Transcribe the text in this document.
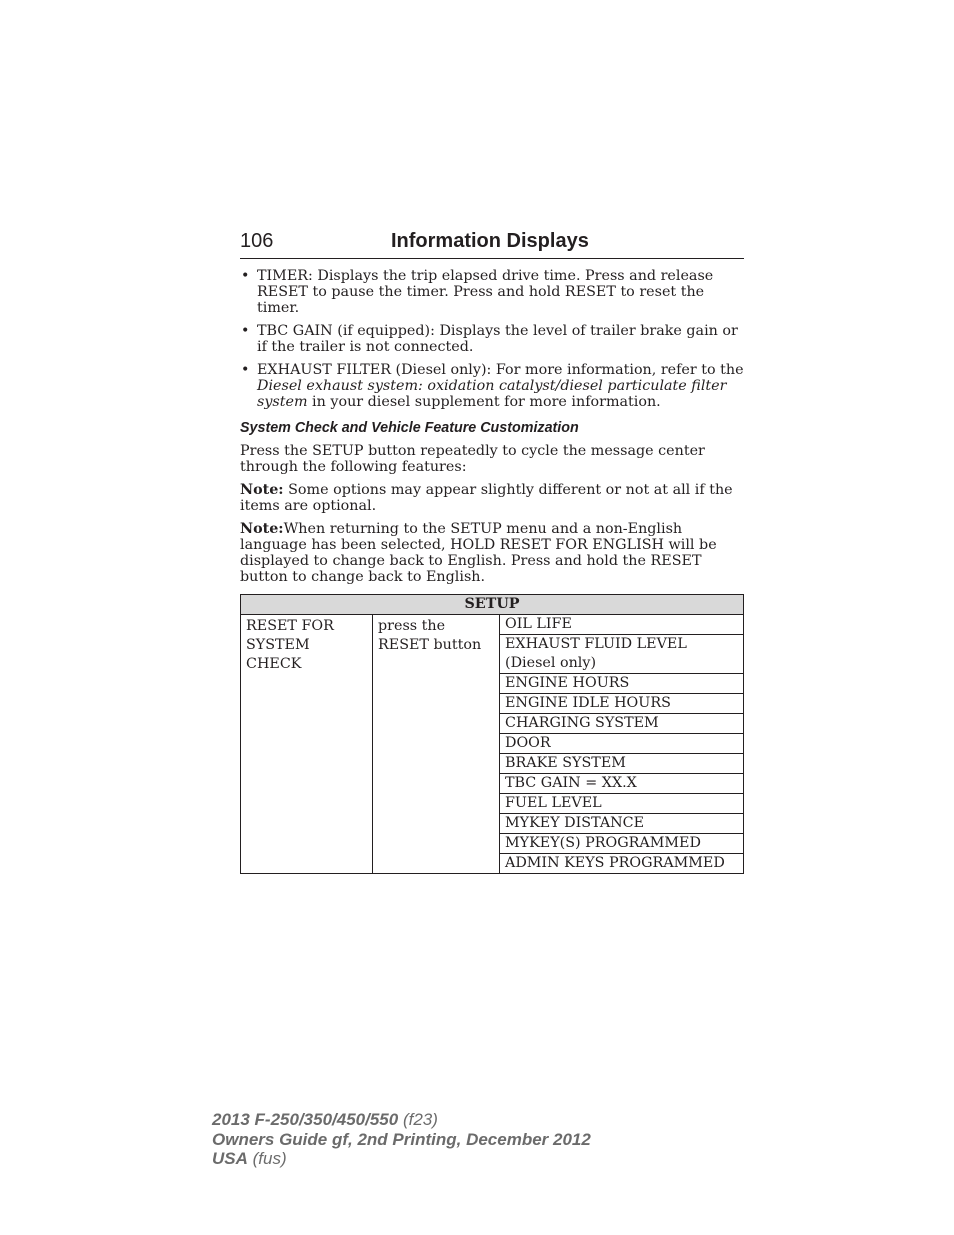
106	Information Displays
• TIMER: Displays the trip elapsed drive time. Press and release RESET to pause the timer. Press and hold RESET to reset the timer.
• TBC GAIN (if equipped): Displays the level of trailer brake gain or if the trailer is not connected.
• EXHAUST FILTER (Diesel only): For more information, refer to the Diesel exhaust system: oxidation catalyst/diesel particulate filter system in your diesel supplement for more information.
System Check and Vehicle Feature Customization

Press the SETUP button repeatedly to cycle the message center through the following features:

Note: Some options may appear slightly different or not at all if the items are optional.

Note:When returning to the SETUP menu and a non-English language has been selected, HOLD RESET FOR ENGLISH will be displayed to change back to English. Press and hold the RESET button to change back to English.

SETUP
RESET FOR SYSTEM CHECK	press the RESET button	OIL LIFE
EXHAUST FLUID LEVEL (Diesel only)
ENGINE HOURS
ENGINE IDLE HOURS
CHARGING SYSTEM
DOOR
BRAKE SYSTEM
TBC GAIN = XX.X
FUEL LEVEL
MYKEY DISTANCE
MYKEY(S) PROGRAMMED
ADMIN KEYS PROGRAMMED
2013 F-250/350/450/550 (f23)
Owners Guide gf, 2nd Printing, December 2012
USA (fus)
